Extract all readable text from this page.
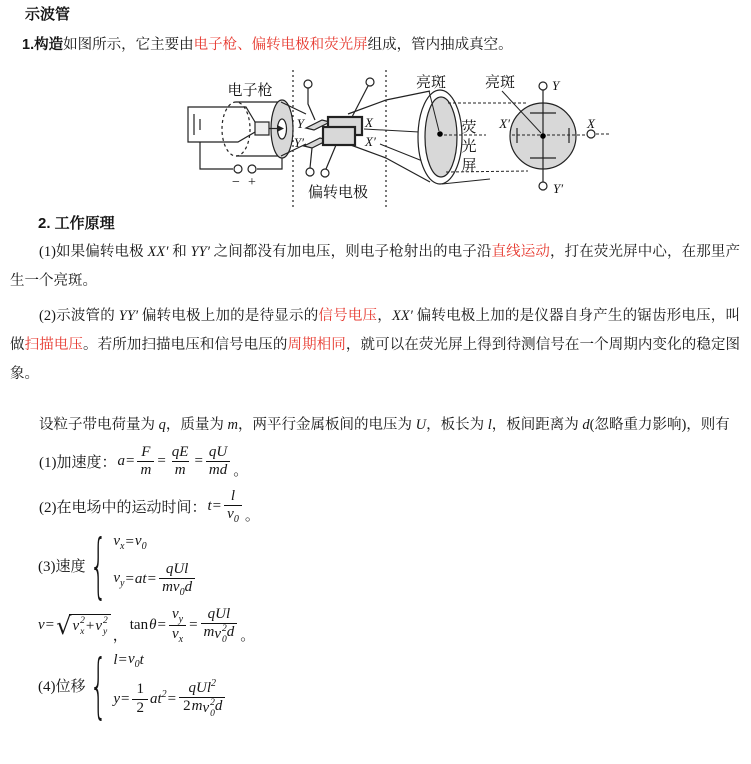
示波管
1.构造如图所示，它主要由电子枪、偏转电极和荧光屏组成，管内抽成真空。
电子枪
− +
Y
Y′
X
X′
偏转电极
亮斑
荧
光
屏
亮斑	Y
Y′
X′	X
2. 工作原理
(1)如果偏转电极 XX′ 和 YY′ 之间都没有加电压，则电子枪射出的电子沿直线运动，打在荧光屏中心，在那里产生一个亮斑。
(2)示波管的 YY′ 偏转电极上加的是待显示的信号电压，XX′ 偏转电极上加的是仪器自身产生的锯齿形电压，叫做扫描电压。若所加扫描电压和信号电压的周期相同，就可以在荧光屏上得到待测信号在一个周期内变化的稳定图象。
设粒子带电荷量为 q，质量为 m，两平行金属板间的电压为 U，板长为 l，板间距离为 d(忽略重力影响)，则有
(1)加速度： $a = \frac{F}{m} = \frac{qE}{m} = \frac{qU}{md}$ 。
(2)在电场中的运动时间： $t = \frac{l}{v_0}$ 。
(3)速度 { $v_x = v_0$
$v_y$ = at = $\frac{\text{qUl}}{m v_0 d}$
v = √ v 2
x + v 2
y ，
$\tan \theta = \frac{v_y}{v_x}$ = qUl
m v 2
0 d 。
(4)位移 { $l = v_0$ t
$y = \frac{1}{2}$ a $t^2$ = qU $l^2$
2 m v 2
0 d
